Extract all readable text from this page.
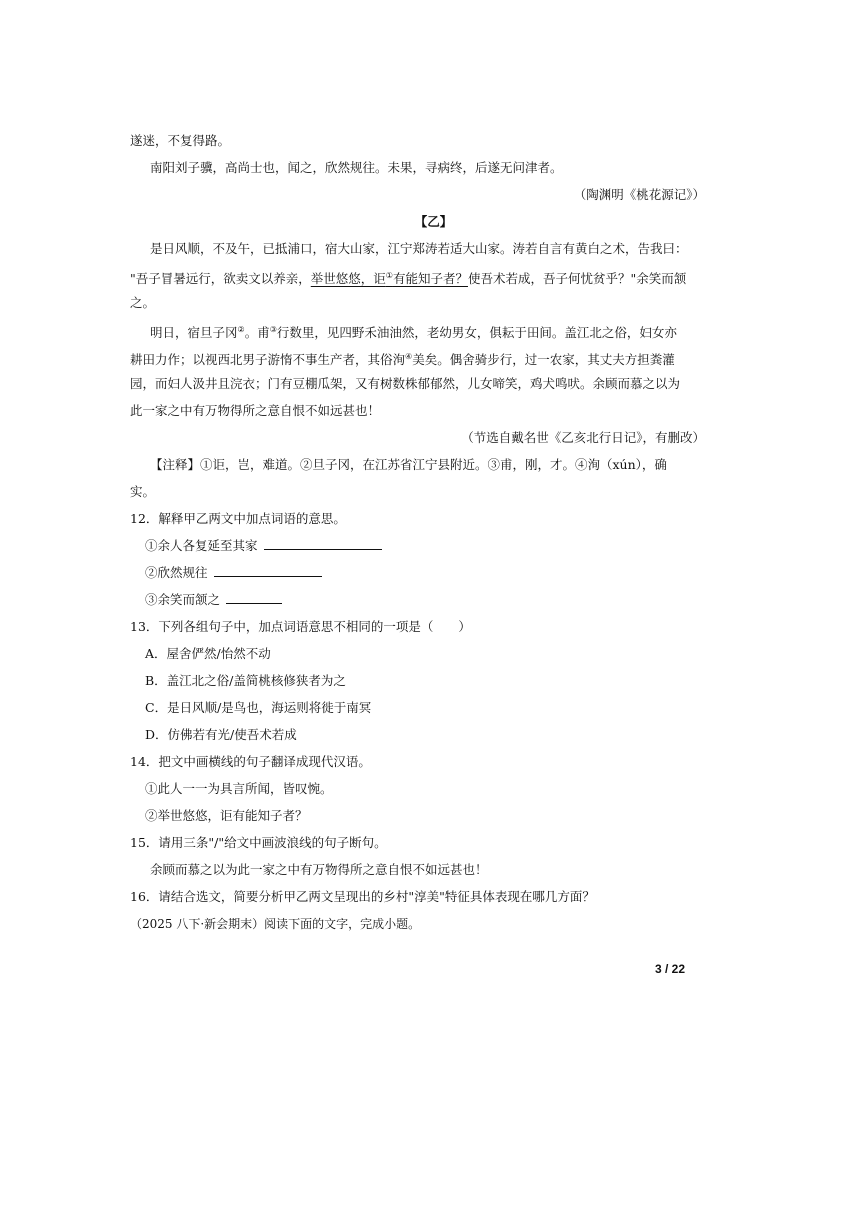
遂迷，不复得路。
南阳刘子骥，高尚士也，闻之，欣然规往。未果，寻病终，后遂无问津者。
（陶渊明《桃花源记》）
【乙】
是日风顺，不及午，已抵浦口，宿大山家，江宁郑涛若适大山家。涛若自言有黄白之术，告我曰：
"吾子冒暑远行，欲卖文以养亲，举世悠悠，讵①有能知子者？使吾术若成，吾子何忧贫乎？"余笑而颔
之。
明日，宿旦子冈②。甫③行数里，见四野禾油油然，老幼男女，俱耘于田间。盖江北之俗，妇女亦
耕田力作；以视西北男子游惰不事生产者，其俗洵④美矣。偶舍骑步行，过一农家，其丈夫方担粪灌
园，而妇人汲井且浣衣；门有豆棚瓜架，又有树数株郁郁然，儿女啼笑，鸡犬鸣吠。余顾而慕之以为
此一家之中有万物得所之意自恨不如远甚也！
（节选自戴名世《乙亥北行日记》，有删改）
【注释】①讵，岂，难道。②旦子冈，在江苏省江宁县附近。③甫，刚，才。④洵（xún），确
实。
12．解释甲乙两文中加点词语的意思。
①余人各复延至其家
②欣然规往
③余笑而颔之
13．下列各组句子中，加点词语意思不相同的一项是（　　）
A．屋舍俨然/怡然不动
B．盖江北之俗/盖简桃核修狭者为之
C．是日风顺/是鸟也，海运则将徙于南冥
D．仿佛若有光/使吾术若成
14．把文中画横线的句子翻译成现代汉语。
①此人一一为具言所闻，皆叹惋。
②举世悠悠，讵有能知子者？
15．请用三条"/"给文中画波浪线的句子断句。
余顾而慕之以为此一家之中有万物得所之意自恨不如远甚也！
16．请结合选文，简要分析甲乙两文呈现出的乡村"淳美"特征具体表现在哪几方面？
（2025 八下·新会期末）阅读下面的文字，完成小题。
3 / 22
